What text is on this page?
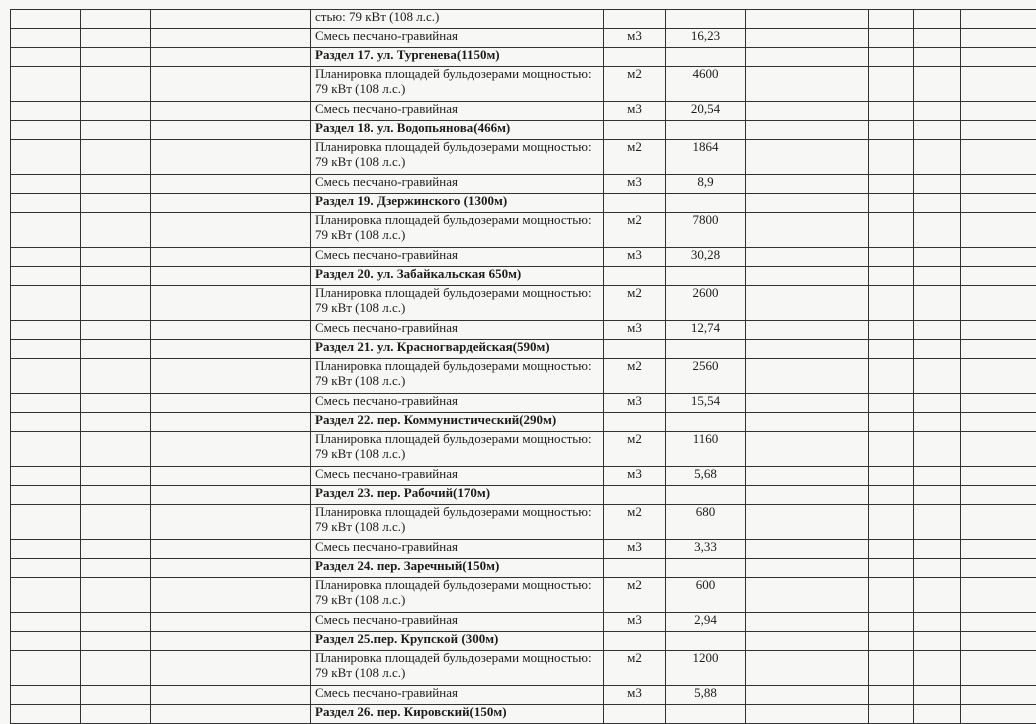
			стью: 79 кВт (108 л.с.)							
			Смесь песчано-гравийная	м3	16,23					
			Раздел 17. ул. Тургенева(1150м)							
			Планировка площадей бульдозерами мощностью: 79 кВт (108 л.с.)	м2	4600					
			Смесь песчано-гравийная	м3	20,54					
			Раздел 18. ул. Водопьянова(466м)							
			Планировка площадей бульдозерами мощностью: 79 кВт (108 л.с.)	м2	1864					
			Смесь песчано-гравийная	м3	8,9					
			Раздел 19. Дзержинского (1300м)							
			Планировка площадей бульдозерами мощностью: 79 кВт (108 л.с.)	м2	7800					
			Смесь песчано-гравийная	м3	30,28					
			Раздел 20. ул. Забайкальская 650м)							
			Планировка площадей бульдозерами мощностью: 79 кВт (108 л.с.)	м2	2600					
			Смесь песчано-гравийная	м3	12,74					
			Раздел 21. ул. Красногвардейская(590м)							
			Планировка площадей бульдозерами мощностью: 79 кВт (108 л.с.)	м2	2560					
			Смесь песчано-гравийная	м3	15,54					
			Раздел 22. пер. Коммунистический(290м)							
			Планировка площадей бульдозерами мощностью: 79 кВт (108 л.с.)	м2	1160					
			Смесь песчано-гравийная	м3	5,68					
			Раздел 23. пер. Рабочий(170м)							
			Планировка площадей бульдозерами мощностью: 79 кВт (108 л.с.)	м2	680					
			Смесь песчано-гравийная	м3	3,33					
			Раздел 24. пер. Заречный(150м)							
			Планировка площадей бульдозерами мощностью: 79 кВт (108 л.с.)	м2	600					
			Смесь песчано-гравийная	м3	2,94					
			Раздел 25.пер. Крупской (300м)							
			Планировка площадей бульдозерами мощностью: 79 кВт (108 л.с.)	м2	1200					
			Смесь песчано-гравийная	м3	5,88					
			Раздел 26. пер. Кировский(150м)							
